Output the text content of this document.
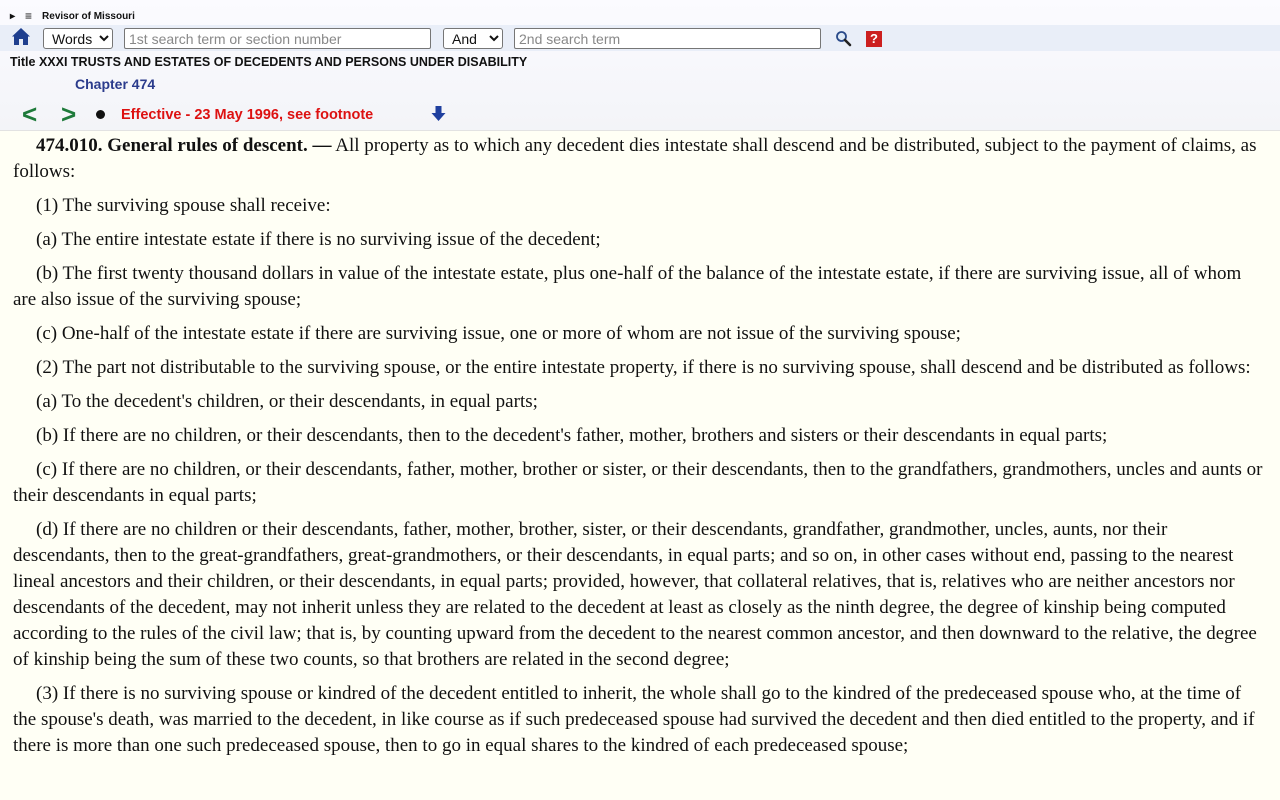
▸ ≡ Revisor of Missouri
Words
1st search term or section number
And
2nd search term
?
Title XXXI TRUSTS AND ESTATES OF DECEDENTS AND PERSONS UNDER DISABILITY
Chapter 474
< >	Effective - 23 May 1996, see footnote

474.010. General rules of descent. — All property as to which any decedent dies intestate shall descend and be distributed, subject to the payment of claims, as follows:

(1) The surviving spouse shall receive:

(a) The entire intestate estate if there is no surviving issue of the decedent;

(b) The first twenty thousand dollars in value of the intestate estate, plus one-half of the balance of the intestate estate, if there are surviving issue, all of whom are also issue of the surviving spouse;

(c) One-half of the intestate estate if there are surviving issue, one or more of whom are not issue of the surviving spouse;

(2) The part not distributable to the surviving spouse, or the entire intestate property, if there is no surviving spouse, shall descend and be distributed as follows:

(a) To the decedent's children, or their descendants, in equal parts;

(b) If there are no children, or their descendants, then to the decedent's father, mother, brothers and sisters or their descendants in equal parts;

(c) If there are no children, or their descendants, father, mother, brother or sister, or their descendants, then to the grandfathers, grandmothers, uncles and aunts or their descendants in equal parts;

(d) If there are no children or their descendants, father, mother, brother, sister, or their descendants, grandfather, grandmother, uncles, aunts, nor their descendants, then to the great-grandfathers, great-grandmothers, or their descendants, in equal parts; and so on, in other cases without end, passing to the nearest lineal ancestors and their children, or their descendants, in equal parts; provided, however, that collateral relatives, that is, relatives who are neither ancestors nor descendants of the decedent, may not inherit unless they are related to the decedent at least as closely as the ninth degree, the degree of kinship being computed according to the rules of the civil law; that is, by counting upward from the decedent to the nearest common ancestor, and then downward to the relative, the degree of kinship being the sum of these two counts, so that brothers are related in the second degree;

(3) If there is no surviving spouse or kindred of the decedent entitled to inherit, the whole shall go to the kindred of the predeceased spouse who, at the time of the spouse's death, was married to the decedent, in like course as if such predeceased spouse had survived the decedent and then died entitled to the property, and if there is more than one such predeceased spouse, then to go in equal shares to the kindred of each predeceased spouse;
